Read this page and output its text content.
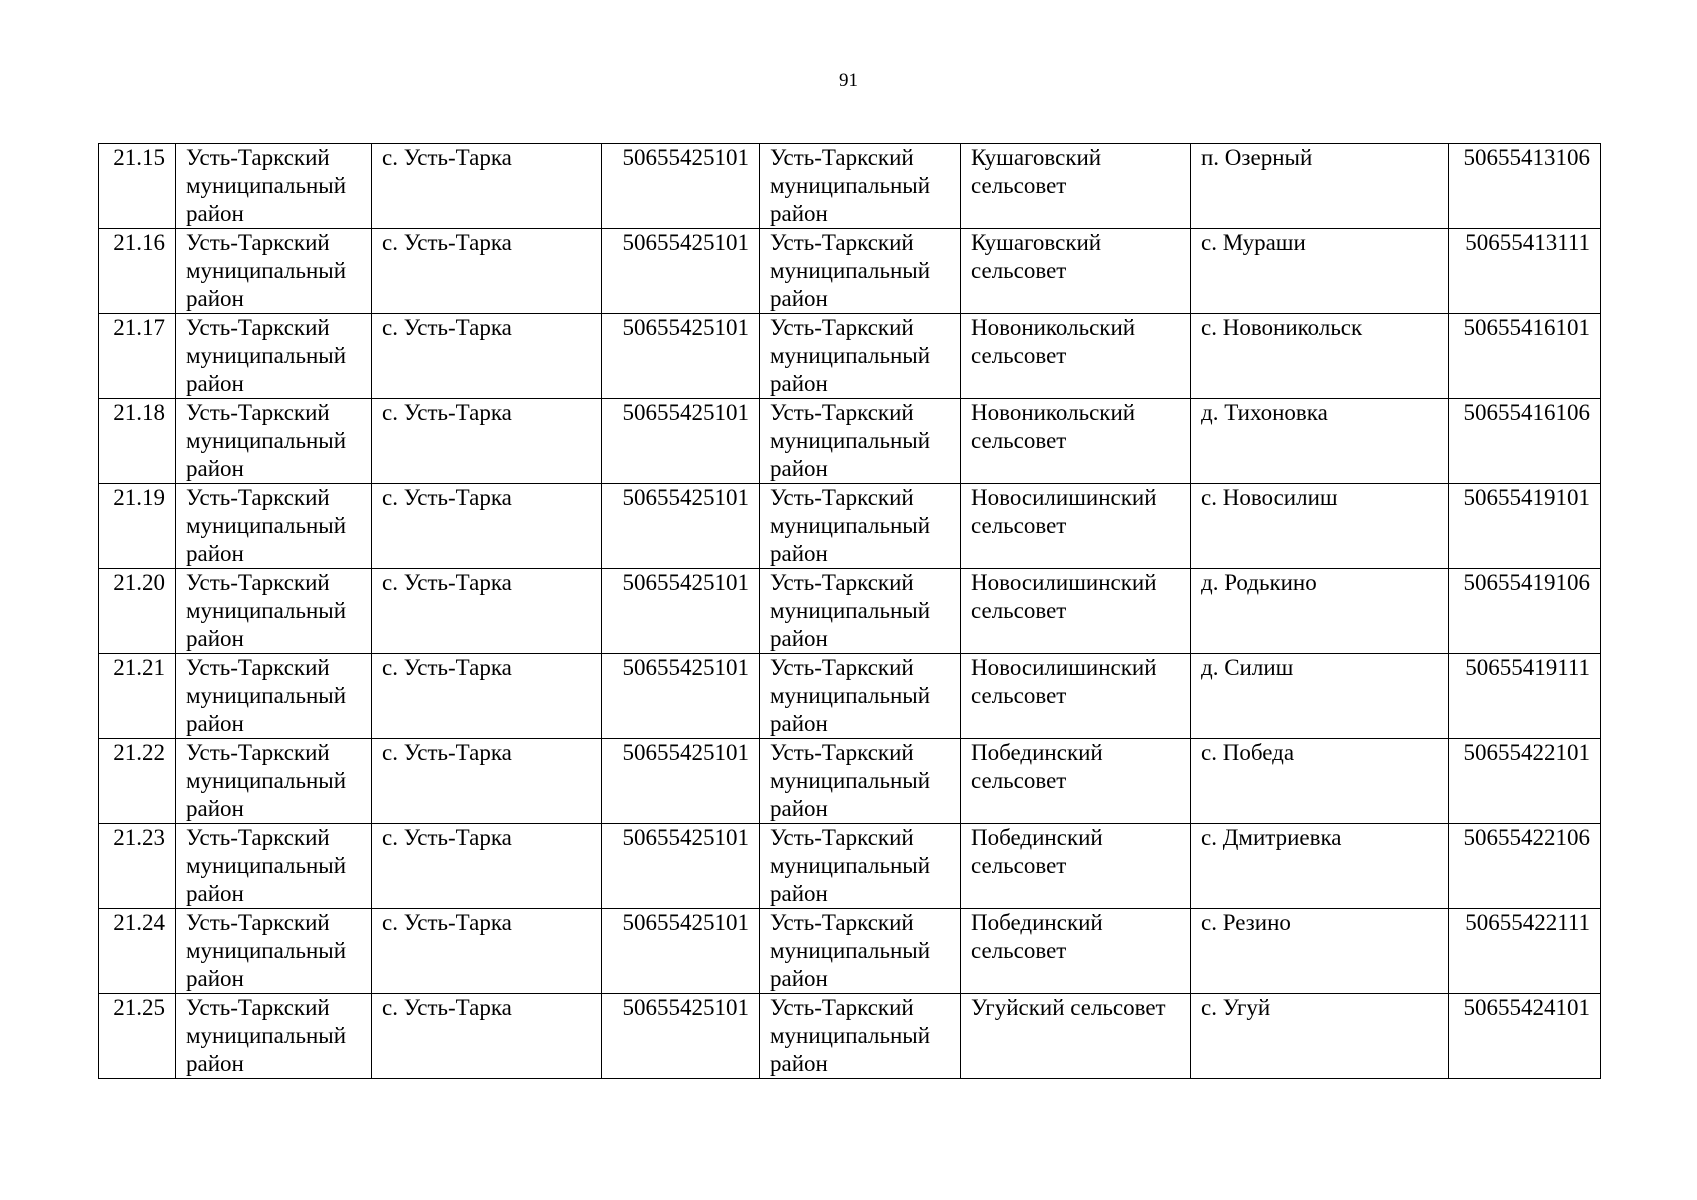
91
21.15	Усть-Таркский муниципальный район	с. Усть-Тарка	50655425101	Усть-Таркский муниципальный район	Кушаговский сельсовет	п. Озерный	50655413106
21.16	Усть-Таркский муниципальный район	с. Усть-Тарка	50655425101	Усть-Таркский муниципальный район	Кушаговский сельсовет	с. Мураши	50655413111
21.17	Усть-Таркский муниципальный район	с. Усть-Тарка	50655425101	Усть-Таркский муниципальный район	Новоникольский сельсовет	с. Новоникольск	50655416101
21.18	Усть-Таркский муниципальный район	с. Усть-Тарка	50655425101	Усть-Таркский муниципальный район	Новоникольский сельсовет	д. Тихоновка	50655416106
21.19	Усть-Таркский муниципальный район	с. Усть-Тарка	50655425101	Усть-Таркский муниципальный район	Новосилишинский сельсовет	с. Новосилиш	50655419101
21.20	Усть-Таркский муниципальный район	с. Усть-Тарка	50655425101	Усть-Таркский муниципальный район	Новосилишинский сельсовет	д. Родькино	50655419106
21.21	Усть-Таркский муниципальный район	с. Усть-Тарка	50655425101	Усть-Таркский муниципальный район	Новосилишинский сельсовет	д. Силиш	50655419111
21.22	Усть-Таркский муниципальный район	с. Усть-Тарка	50655425101	Усть-Таркский муниципальный район	Побединский сельсовет	с. Победа	50655422101
21.23	Усть-Таркский муниципальный район	с. Усть-Тарка	50655425101	Усть-Таркский муниципальный район	Побединский сельсовет	с. Дмитриевка	50655422106
21.24	Усть-Таркский муниципальный район	с. Усть-Тарка	50655425101	Усть-Таркский муниципальный район	Побединский сельсовет	с. Резино	50655422111
21.25	Усть-Таркский муниципальный район	с. Усть-Тарка	50655425101	Усть-Таркский муниципальный район	Угуйский сельсовет	с. Угуй	50655424101
